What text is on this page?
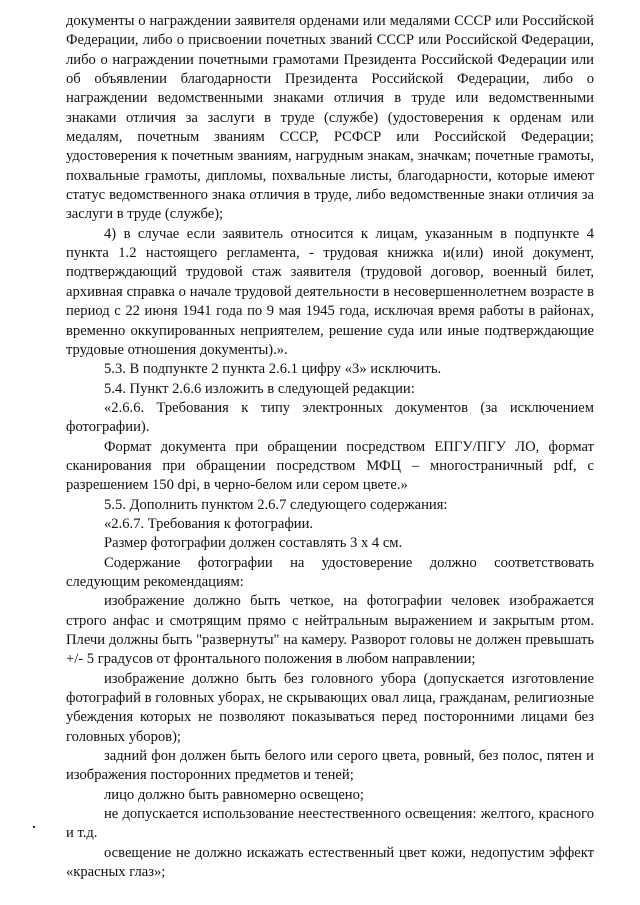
документы о награждении заявителя орденами или медалями СССР или Российской Федерации, либо о присвоении почетных званий СССР или Российской Федерации, либо о награждении почетными грамотами Президента Российской Федерации или об объявлении благодарности Президента Российской Федерации, либо о награждении ведомственными знаками отличия в труде или ведомственными знаками отличия за заслуги в труде (службе) (удостоверения к орденам или медалям, почетным званиям СССР, РСФСР или Российской Федерации; удостоверения к почетным званиям, нагрудным знакам, значкам; почетные грамоты, похвальные грамоты, дипломы, похвальные листы, благодарности, которые имеют статус ведомственного знака отличия в труде, либо ведомственные знаки отличия за заслуги в труде (службе);

4) в случае если заявитель относится к лицам, указанным в подпункте 4 пункта 1.2 настоящего регламента, - трудовая книжка и(или) иной документ, подтверждающий трудовой стаж заявителя (трудовой договор, военный билет, архивная справка о начале трудовой деятельности в несовершеннолетнем возрасте в период с 22 июня 1941 года по 9 мая 1945 года, исключая время работы в районах, временно оккупированных неприятелем, решение суда или иные подтверждающие трудовые отношения документы).».

5.3. В подпункте 2 пункта 2.6.1 цифру «3» исключить.

5.4. Пункт 2.6.6 изложить в следующей редакции:

«2.6.6. Требования к типу электронных документов (за исключением фотографии).

Формат документа при обращении посредством ЕПГУ/ПГУ ЛО, формат сканирования при обращении посредством МФЦ – многостраничный pdf, с разрешением 150 dpi, в черно-белом или сером цвете.»

5.5. Дополнить пунктом 2.6.7 следующего содержания:

«2.6.7. Требования к фотографии.

Размер фотографии должен составлять 3 х 4 см.

Содержание фотографии на удостоверение должно соответствовать следующим рекомендациям:

изображение должно быть четкое, на фотографии человек изображается строго анфас и смотрящим прямо с нейтральным выражением и закрытым ртом. Плечи должны быть "развернуты" на камеру. Разворот головы не должен превышать +/- 5 градусов от фронтального положения в любом направлении;

изображение должно быть без головного убора (допускается изготовление фотографий в головных уборах, не скрывающих овал лица, гражданам, религиозные убеждения которых не позволяют показываться перед посторонними лицами без головных уборов);

задний фон должен быть белого или серого цвета, ровный, без полос, пятен и изображения посторонних предметов и теней;

лицо должно быть равномерно освещено;

не допускается использование неестественного освещения: желтого, красного и т.д.

освещение не должно искажать естественный цвет кожи, недопустим эффект «красных глаз»;
